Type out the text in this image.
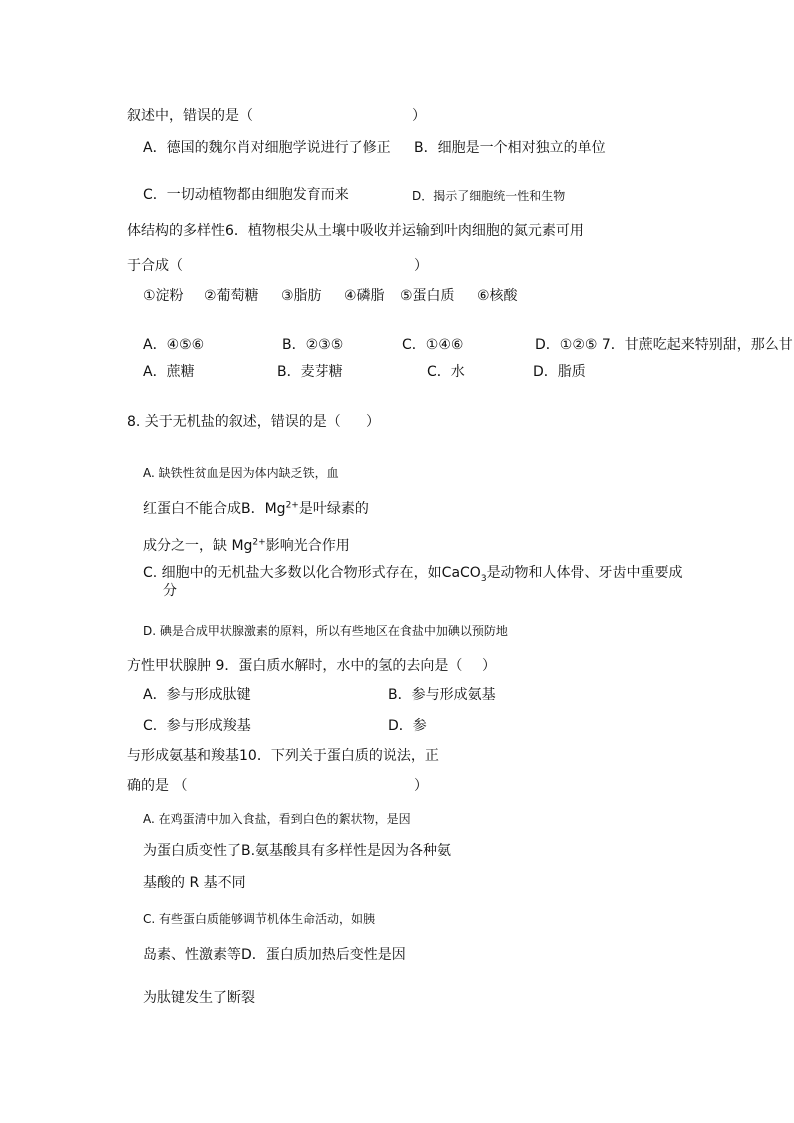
叙述中，错误的是（	）
A．德国的魏尔肖对细胞学说进行了修正 B．细胞是一个相对独立的单位
C．一切动植物都由细胞发育而来	D．揭示了细胞统一性和生物
体结构的多样性6．植物根尖从土壤中吸收并运输到叶肉细胞的氮元素可用
于合成（	）
①淀粉 ②葡萄糖 ③脂肪 ④磷脂 ⑤蛋白质 ⑥核酸
A．④⑤⑥	B．②③⑤	C．①④⑥	D．①②⑤ 7．甘蔗吃起来特别甜，那么甘
A．蔗糖	B．麦芽糖	C．水	D．脂质
8. 关于无机盐的叙述，错误的是（ ）
A. 缺铁性贫血是因为体内缺乏铁，血
红蛋白不能合成B．$Mg^{2+}$是叶绿素的
成分之一，缺 $Mg^{2+}$影响光合作用
C. 细胞中的无机盐大多数以化合物形式存在，如CaCO$_3$是动物和人体骨、牙齿中重要成
分
D. 碘是合成甲状腺激素的原料，所以有些地区在食盐中加碘以预防地
方性甲状腺肿 9．蛋白质水解时，水中的氢的去向是（ ）
A．参与形成肽键	B．参与形成氨基
C．参与形成羧基	D．参
与形成氨基和羧基10．下列关于蛋白质的说法，正
确的是 （	）
A. 在鸡蛋清中加入食盐，看到白色的絮状物，是因
为蛋白质变性了B.氨基酸具有多样性是因为各种氨
基酸的 R 基不同
C. 有些蛋白质能够调节机体生命活动，如胰
岛素、性激素等D．蛋白质加热后变性是因
为肽键发生了断裂
